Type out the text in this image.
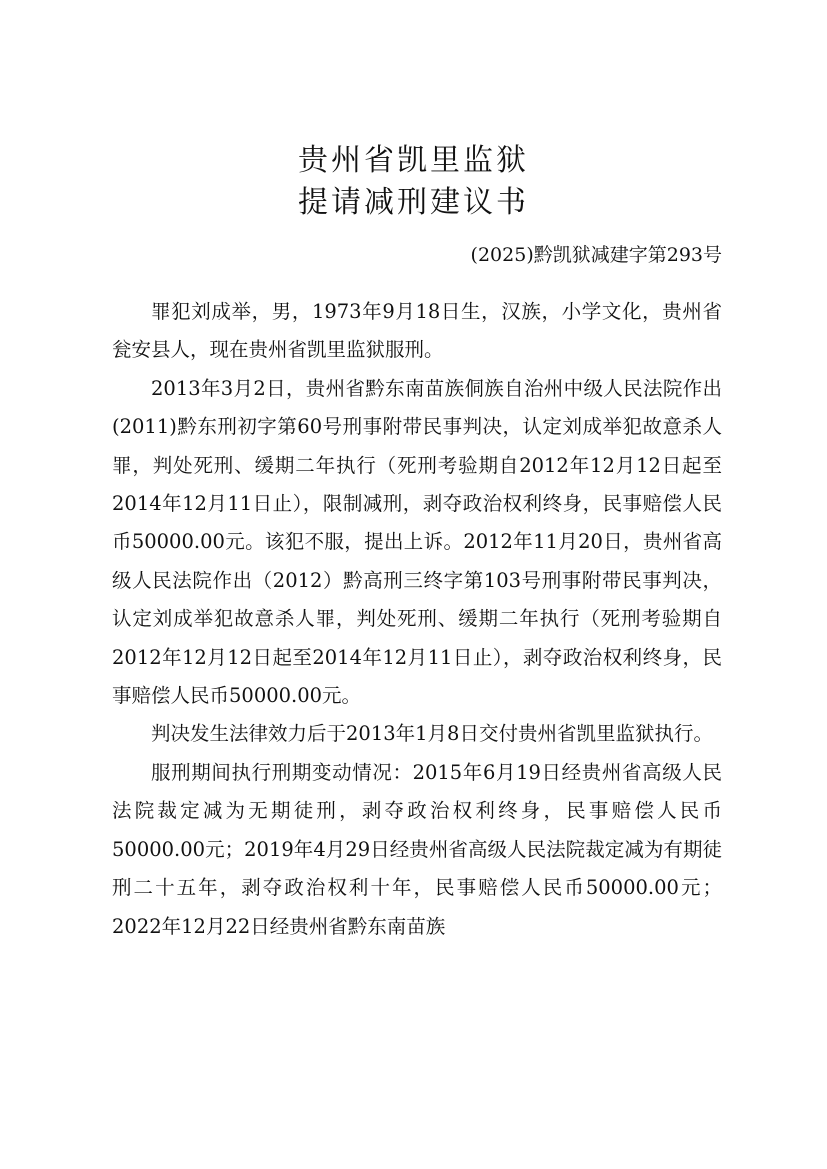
贵州省凯里监狱
提请减刑建议书
(2025)黔凯狱减建字第293号

罪犯刘成举，男，1973年9月18日生，汉族，小学文化，贵州省瓮安县人，现在贵州省凯里监狱服刑。

2013年3月2日，贵州省黔东南苗族侗族自治州中级人民法院作出(2011)黔东刑初字第60号刑事附带民事判决，认定刘成举犯故意杀人罪，判处死刑、缓期二年执行（死刑考验期自2012年12月12日起至2014年12月11日止），限制减刑，剥夺政治权利终身，民事赔偿人民币50000.00元。该犯不服，提出上诉。2012年11月20日，贵州省高级人民法院作出（2012）黔高刑三终字第103号刑事附带民事判决，认定刘成举犯故意杀人罪，判处死刑、缓期二年执行（死刑考验期自2012年12月12日起至2014年12月11日止），剥夺政治权利终身，民事赔偿人民币50000.00元。

判决发生法律效力后于2013年1月8日交付贵州省凯里监狱执行。

服刑期间执行刑期变动情况：2015年6月19日经贵州省高级人民法院裁定减为无期徒刑，剥夺政治权利终身，民事赔偿人民币50000.00元；2019年4月29日经贵州省高级人民法院裁定减为有期徒刑二十五年，剥夺政治权利十年，民事赔偿人民币50000.00元；2022年12月22日经贵州省黔东南苗族
